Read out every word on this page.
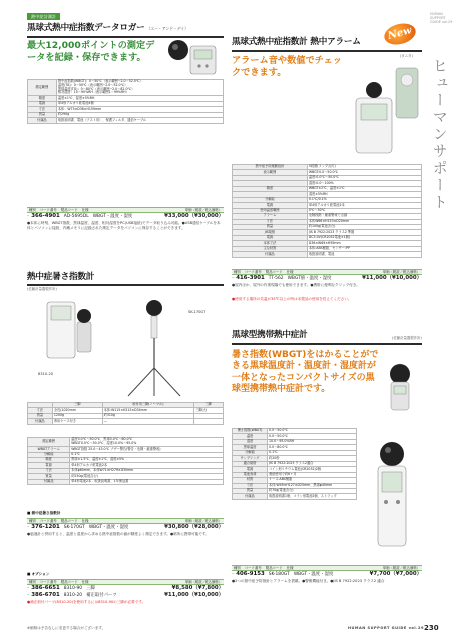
熱中症計測計	HUMAN SUPPORT GUIDE vol.29
ヒューマンサポート
黒球式熱中症指数データロガー （エー・アンド・デイ）
最大12,000ポイントの測定データを記録・保存できます。
測定範囲	熱中症指数(WBGT)：0〜50℃（表示範囲−2.0〜52.0℃）
温度(TA)：0〜50℃（表示範囲−2.0〜52.0℃）
黒球温度(TG)：0〜80℃（表示範囲−2.0〜82.0℃）
相対湿度：10〜90%RH（表示範囲1〜99%RH）
精度	温度±1℃、湿度±5%RH
電源	単4形アルカリ乾電池4個
寸法	本体：W75×D36×H159mm
質量	約290g
付属品	取扱説明書、電池（テスト用）、保護フィルタ、通信ケーブル
種別	コード番号	製品コード	仕様	単価（税抜／税込価格）
– 366-4901 AD-5695DL WBGT・温度・湿度	¥33,000（¥30,000）
●本体に時刻、WBGT指数、黒球温度、温度、相対湿度をPC(USB接続)でデータ取り込み可能。●USB通信ケーブルを本体とパソコンに接続、内蔵メモリに記録された測定データをパソコンに保存することができます。
熱中症暑さ指数計
(佐藤計量器製作所)
8310-20
SK-170GT
	三脚	取付用三脚(ノーマル)	三脚
寸法	全長(1020mm	本体:W115×H215×D34mm	三脚(大)
質量	1200g	約310g	
付属品	専用ケース付き	—	
測定範囲	温度0.0℃〜50.0℃、黒球0.0℃〜80.0℃
WBGT0.0℃〜50.0℃、湿度10.0%〜95.0%
WBGTアラーム	WBGT指数 25.0〜43.0℃ ブザー警告(警告・危険・厳重警戒)
分解能	0.1℃
精度	黒球±1.5℃、温度±1℃、湿度±5%
電源	単4形アルカリ乾電池2本
寸法	本体φ60mm、本体W71×H279×D30mm
質量	約250g(電池含む)
付属品	単4形電池2本、取扱説明書、1年保証書
■ 熱中症暑さ指数計
種別	コード番号	製品コード	仕様	単価（税抜／税込価格）
– 376-1201 SK-170GT WBGT・温度・湿度	¥30,800（¥28,000）
●風速計と併用すると、温度と湿度から求める熱中症指数の値が精度よく測定できます。●暗所に携帯可能です。
■ オプション
種別	コード番号	製品コード	仕様	単価（税抜／税込価格）
– 386-6651 8310-90 三脚	¥8,580（¥7,800）
– 386-6701 8310-20 補正取付パーツ	¥11,000（¥10,000）
●補正取付パーツ(8310-20)を使用するには8310-90の三脚が必要です。
黒球式熱中症指数計 熱中アラーム
New
(タニタ)
アラーム音や数値でチェックできます。
熱中症予防運動指針	5段階(ランプ点灯)
表示範囲	WBGT:0.0〜50.0℃
	温度:0.0℃〜50.0℃
	湿度:0.0〜100%
精度	WBGT±2℃、温度±1℃
	湿度±5%RH
分解能	0.1℃/0.1%
電源	単4形アルカリ乾電池2本
使用温度範囲	0℃〜50℃
アラーム	危険段階・厳重警戒で点滅
寸法	本体W66×H153×D20mm
質量	約100g(電池含む)
JIS規格	JIS B 7922:2023 クラス2 準拠
電源	DC3.0V(CR2032電池×1個)
本体寸法	D36×W69×H95mm
主な材質	本体:ABS樹脂、センサー:PP
付属品	取扱説明書、電池
種別	コード番号	製品コード	仕様	単価（税抜／税込価格）
– 416-3901 TT-562 WBGT値・温度・湿度	¥11,000（¥10,000）
●屋内ほか、屋外の作業現場でも使用できます。●携帯に便利なクリップ付き。
●使用する場所の気温が35℃以上の時は本製品の使用を控えてください。
黒球型携帯熱中症計	(佐藤計量器製作所)
暑さ指数(WBGT)をはかることができる黒球温度計・温度計・湿度計が一体となったコンパクトサイズの黒球型携帯熱中症計です。
暑さ指数(WBGT)	0.0〜50.0℃
温度	0.0〜50.0℃
湿度	10.0〜95.0%RH
黒球温度	0.0〜80.0℃
分解能	0.1℃
サンプリング	約20秒
適合規格	JIS B 7922:2023 クラス2適合
電源	コイン形リチウム電池(CR2032)2個
電池寿命	連続使用で約6ヶ月
材質	ケース:ABS樹脂
寸法	本体:W49×H127×D25mm、黒球φ40mm
質量	約70g(電池含む)
付属品	取扱説明書1冊、コイン形電池2個、ストラップ
種別	コード番号	製品コード	仕様	単価（税抜／税込価格）
– 406-9153 SK-180GT WBGT・温度・湿度	¥7,700（¥7,000）
●2つの熱中症予防指針とアラームを搭載。●警報機能付き。●JIS B 7922:2023 クラス2 適合
※価格は予告なしに変更する場合がございます。	HUMAN SUPPORT GUIDE vol.29 230
